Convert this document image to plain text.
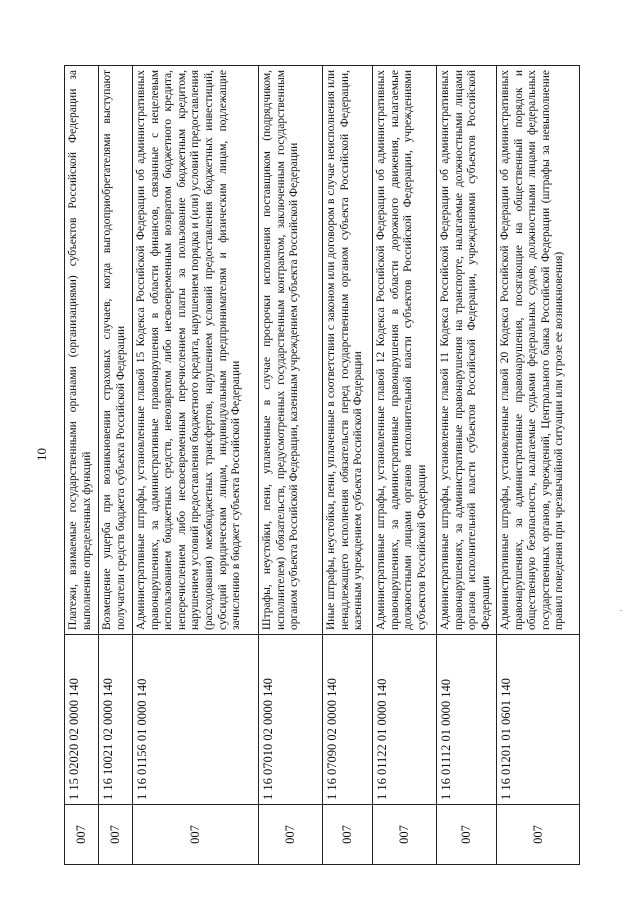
10
007
1 15 02020 02 0000 140
Платежи, взимаемые государственными органами (организациями) субъектов Российской Федерации за выполнение определенных функций
007
1 16 10021 02 0000 140
Возмещение ущерба при возникновении страховых случаев, когда выгодоприобретателями выступают получатели средств бюджета субъекта Российской Федерации
007
1 16 01156 01 0000 140
Административные штрафы, установленные главой 15 Кодекса Российской Федерации об административных правонарушениях, за административные правонарушения в области финансов, связанные с нецелевым использованием бюджетных средств, невозвратом либо несвоевременным возвратом бюджетного кредита, неперечислением либо несвоевременным перечислением платы за пользование бюджетным кредитом, нарушением условий предоставления бюджетного кредита, нарушением порядка и (или) условий предоставления (расходования) межбюджетных трансфертов, нарушением условий предоставления бюджетных инвестиций, субсидий юридическим лицам, индивидуальным предпринимателям и физическим лицам, подлежащие зачислению в бюджет субъекта Российской Федерации
007
1 16 07010 02 0000 140
Штрафы, неустойки, пени, уплаченные в случае просрочки исполнения поставщиком (подрядчиком, исполнителем) обязательств, предусмотренных государственным контрактом, заключенным государственным органом субъекта Российской Федерации, казенным учреждением субъекта Российской Федерации
007
1 16 07090 02 0000 140
Иные штрафы, неустойки, пени, уплаченные в соответствии с законом или договором в случае неисполнения или ненадлежащего исполнения обязательств перед государственным органом субъекта Российской Федерации, казенным учреждением субъекта Российской Федерации
007
1 16 01122 01 0000 140
Административные штрафы, установленные главой 12 Кодекса Российской Федерации об административных правонарушениях, за административные правонарушения в области дорожного движения, налагаемые должностными лицами органов исполнительной власти субъектов Российской Федерации, учреждениями субъектов Российской Федерации
007
1 16 01112 01 0000 140
Административные штрафы, установленные главой 11 Кодекса Российской Федерации об административных правонарушениях, за административные правонарушения на транспорте, налагаемые должностными лицами органов исполнительной власти субъектов Российской Федерации, учреждениями субъектов Российской Федерации
007
1 16 01201 01 0601 140
Административные штрафы, установленные главой 20 Кодекса Российской Федерации об административных правонарушениях, за административные правонарушения, посягающие на общественный порядок и общественную безопасность, налагаемые судьями федеральных судов, должностными лицами федеральных государственных органов, учреждений, Центрального банка Российской Федерации (штрафы за невыполнение правил поведения при чрезвычайной ситуации или угрозе ее возникновения)
